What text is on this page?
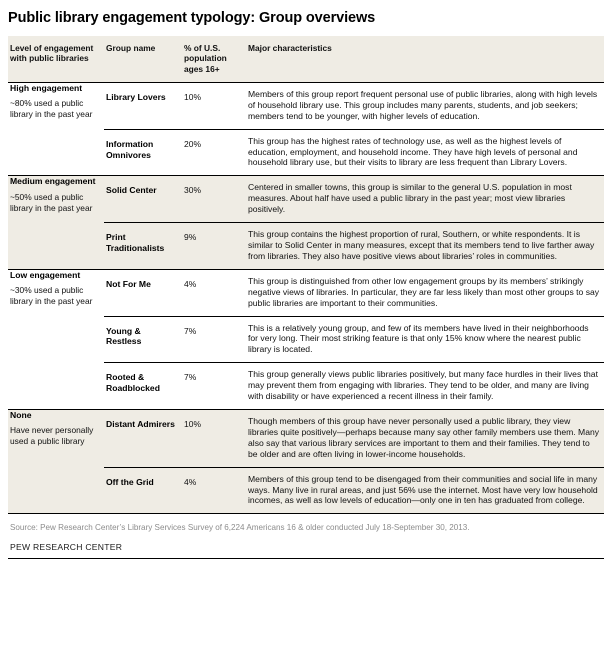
Public library engagement typology: Group overviews
Level of engagement with public libraries	Group name	% of U.S. population ages 16+	Major characteristics

High engagement
~80% used a public library in the past year	Library Lovers	10%	Members of this group report frequent personal use of public libraries, along with high levels of household library use. This group includes many parents, students, and job seekers; members tend to be younger, with higher levels of education.
	Information Omnivores	20%	This group has the highest rates of technology use, as well as the highest levels of education, employment, and household income. They have high levels of personal and household library use, but their visits to library are less frequent than Library Lovers.

Medium engagement
~50% used a public library in the past year	Solid Center	30%	Centered in smaller towns, this group is similar to the general U.S. population in most measures. About half have used a public library in the past year; most view libraries positively.
	Print Traditionalists	9%	This group contains the highest proportion of rural, Southern, or white respondents. It is similar to Solid Center in many measures, except that its members tend to live farther away from libraries. They also have positive views about libraries’ roles in communities.

Low engagement
~30% used a public library in the past year	Not For Me	4%	This group is distinguished from other low engagement groups by its members’ strikingly negative views of libraries. In particular, they are far less likely than most other groups to say public libraries are important to their communities.
	Young & Restless	7%	This is a relatively young group, and few of its members have lived in their neighborhoods for very long. Their most striking feature is that only 15% know where the nearest public library is located.
	Rooted & Roadblocked	7%	This group generally views public libraries positively, but many face hurdles in their lives that may prevent them from engaging with libraries. They tend to be older, and many are living with disability or have experienced a recent illness in their family.

None
Have never personally used a public library	Distant Admirers	10%	Though members of this group have never personally used a public library, they view libraries quite positively—perhaps because many say other family members use them. Many also say that various library services are important to them and their families. They tend to be older and are often living in lower-income households.
	Off the Grid	4%	Members of this group tend to be disengaged from their communities and social life in many ways. Many live in rural areas, and just 56% use the internet. Most have very low household incomes, as well as low levels of education—only one in ten has graduated from college.
Source: Pew Research Center’s Library Services Survey of 6,224 Americans 16 & older conducted July 18-September 30, 2013.
PEW RESEARCH CENTER
